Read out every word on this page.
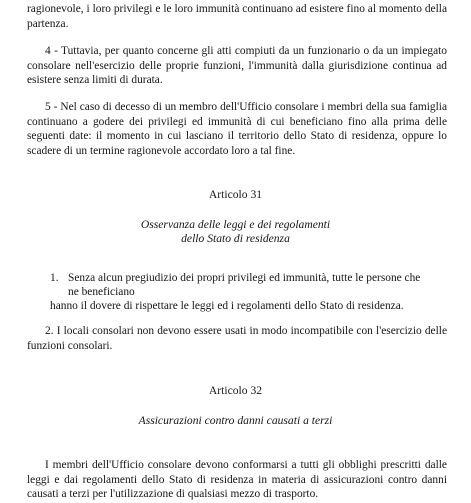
ragionevole, i loro privilegi e le loro immunità continuano ad esistere fino al momento della partenza.

4 - Tuttavia, per quanto concerne gli atti compiuti da un funzionario o da un impiegato consolare nell'esercizio delle proprie funzioni, l'immunità dalla giurisdizione continua ad esistere senza limiti di durata.

5 - Nel caso di decesso di un membro dell'Ufficio consolare i membri della sua famiglia continuano a godere dei privilegi ed immunità di cui beneficiano fino alla prima delle seguenti date: il momento in cui lasciano il territorio dello Stato di residenza, oppure lo scadere di un termine ragionevole accordato loro a tal fine.

Articolo 31

Osservanza delle leggi e dei regolamenti

dello Stato di residenza

1. Senza alcun pregiudizio dei propri privilegi ed immunità, tutte le persone che

ne beneficiano

hanno il dovere di rispettare le leggi ed i regolamenti dello Stato di residenza.

2. I locali consolari non devono essere usati in modo incompatibile con l'esercizio delle funzioni consolari.

Articolo 32

Assicurazioni contro danni causati a terzi

I membri dell'Ufficio consolare devono conformarsi a tutti gli obblighi prescritti dalle leggi e dai regolamenti dello Stato di residenza in materia di assicurazioni contro danni causati a terzi per l'utilizzazione di qualsiasi mezzo di trasporto.
